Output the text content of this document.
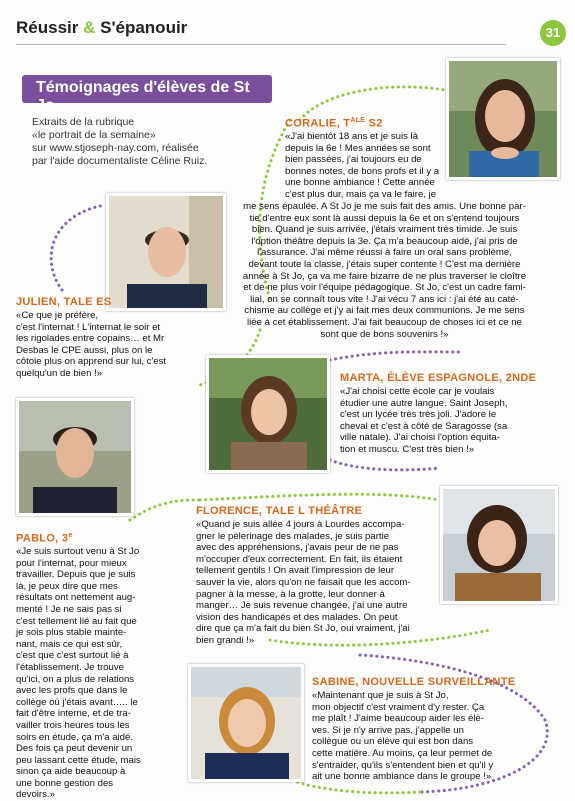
Réussir & S'épanouir	31
Témoignages d'élèves de St Jo
Extraits de la rubrique
«le portrait de la semaine»
sur www.stjoseph-nay.com, réalisée
par l'aide documentaliste Céline Ruiz.
CORALIE, $T^{ALE}$ S2
«J'ai bientôt 18 ans et je suis là
depuis la 6e ! Mes années se sont
bien passées, j'ai toujours eu de
bonnes notes, de bons profs et il y a
une bonne ambiance ! Cette année
c'est plus dur, mais ça va le faire, je
me sens épaulée. A St Jo je me suis fait des amis. Une bonne par-
tie d'entre eux sont là aussi depuis la 6e et on s'entend toujours
bien. Quand je suis arrivée, j'étais vraiment très timide. Je suis
l'option théâtre depuis la 3e. Ça m'a beaucoup aidé, j'ai pris de
l'assurance. J'ai même réussi à faire un oral sans problème,
devant toute la classe, j'étais super contente ! C'est ma dernière
année à St Jo, ça va me faire bizarre de ne plus traverser le cloître
et de ne plus voir l'équipe pédagogique. St Jo, c'est un cadre fami-
lial, on se connaît tous vite ! J'ai vécu 7 ans ici : j'ai été au caté-
chisme au collège et j'y ai fait mes deux communions. Je me sens
liée à cet établissement. J'ai fait beaucoup de choses ici et ce ne
sont que de bons souvenirs !»
JULIEN, TALE ES
«Ce que je préfère,
c'est l'internat ! L'internat le soir et
les rigolades entre copains… et Mr
Desbas le CPE aussi, plus on le
côtoie plus on apprend sur lui, c'est
quelqu'un de bien !»	MARTA, ÉLÈVE ESPAGNOLE, 2NDE
«J'ai choisi cette école car je voulais
étudier une autre langue. Saint Joseph,
c'est un lycée très très joli. J'adore le
cheval et c'est à côté de Saragosse (sa
ville natale). J'ai choisi l'option équita-
tion et muscu. C'est très bien !»
FLORENCE, TALE L THÉÂTRE
«Quand je suis allée 4 jours à Lourdes accompa-
gner le pèlerinage des malades, je suis partie
avec des appréhensions, j'avais peur de ne pas
m'occuper d'eux correctement. En fait, ils étaient
tellement gentils ! On avait l'impression de leur
sauver la vie, alors qu'on ne faisait que les accom-
pagner à la messe, à la grotte, leur donner à
manger… Je suis revenue changée, j'ai une autre
vision des handicapés et des malades. On peut
dire que ça m'a fait du bien St Jo, oui vraiment, j'ai
bien grandi !»
PABLO, 3e
«Je suis surtout venu à St Jo
pour l'internat, pour mieux
travailler. Depuis que je suis
là, je peux dire que mes
résultats ont nettement aug-
menté ! Je ne sais pas si
c'est tellement lié au fait que
je sois plus stable mainte-
nant, mais ce qui est sûr,
c'est que c'est surtout lié à
l'établissement. Je trouve
qu'ici, on a plus de relations
avec les profs que dans le
collège où j'étais avant….. le
fait d'être interne, et de tra-
vailler trois heures tous les
soirs en étude, ça m'a aidé.
Des fois ça peut devenir un
peu lassant cette étude, mais
sinon ça aide beaucoup à
une bonne gestion des
devoirs.»
SABINE, NOUVELLE SURVEILLANTE
«Maintenant que je suis à St Jo,
mon objectif c'est vraiment d'y rester. Ça
me plaît ! J'aime beaucoup aider les élè-
ves. Si je n'y arrive pas, j'appelle un
collègue ou un élève qui est bon dans
cette matière. Au moins, ça leur permet de
s'entraider, qu'ils s'entendent bien et qu'il y
ait une bonne ambiance dans le groupe !»
